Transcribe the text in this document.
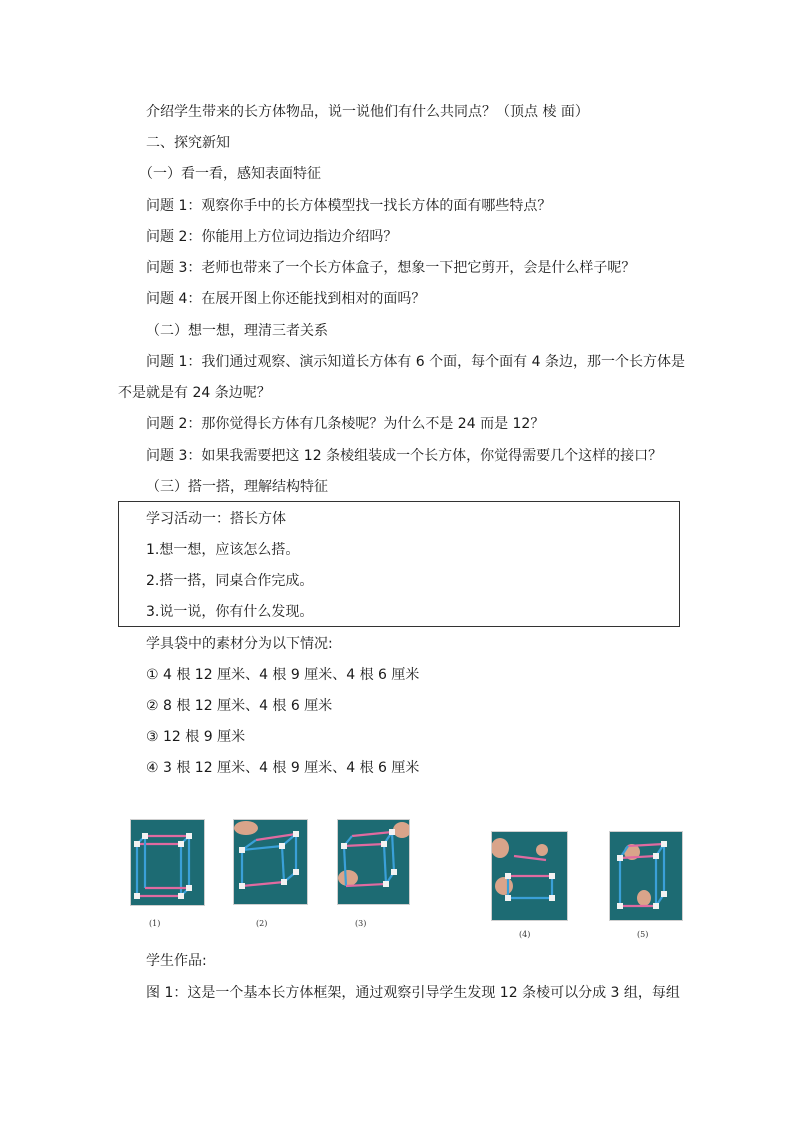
介绍学生带来的长方体物品，说一说他们有什么共同点？（顶点 棱 面）
二、探究新知
（一）看一看，感知表面特征
问题 1：观察你手中的长方体模型找一找长方体的面有哪些特点？
问题 2：你能用上方位词边指边介绍吗？
问题 3：老师也带来了一个长方体盒子，想象一下把它剪开，会是什么样子呢？
问题 4：在展开图上你还能找到相对的面吗？
（二）想一想，理清三者关系
问题 1：我们通过观察、演示知道长方体有 6 个面，每个面有 4 条边，那一个长方体是
不是就是有 24 条边呢？
问题 2：那你觉得长方体有几条棱呢？为什么不是 24 而是 12？
问题 3：如果我需要把这 12 条棱组装成一个长方体，你觉得需要几个这样的接口？
（三）搭一搭，理解结构特征
学习活动一：搭长方体
1.想一想，应该怎么搭。
2.搭一搭，同桌合作完成。
3.说一说，你有什么发现。
学具袋中的素材分为以下情况:
① 4 根 12 厘米、4 根 9 厘米、4 根 6 厘米
② 8 根 12 厘米、4 根 6 厘米
③ 12 根 9 厘米
④ 3 根 12 厘米、4 根 9 厘米、4 根 6 厘米
(1)	(2)	(3)
(4)	(5)
学生作品:
图 1：这是一个基本长方体框架，通过观察引导学生发现 12 条棱可以分成 3 组，每组
